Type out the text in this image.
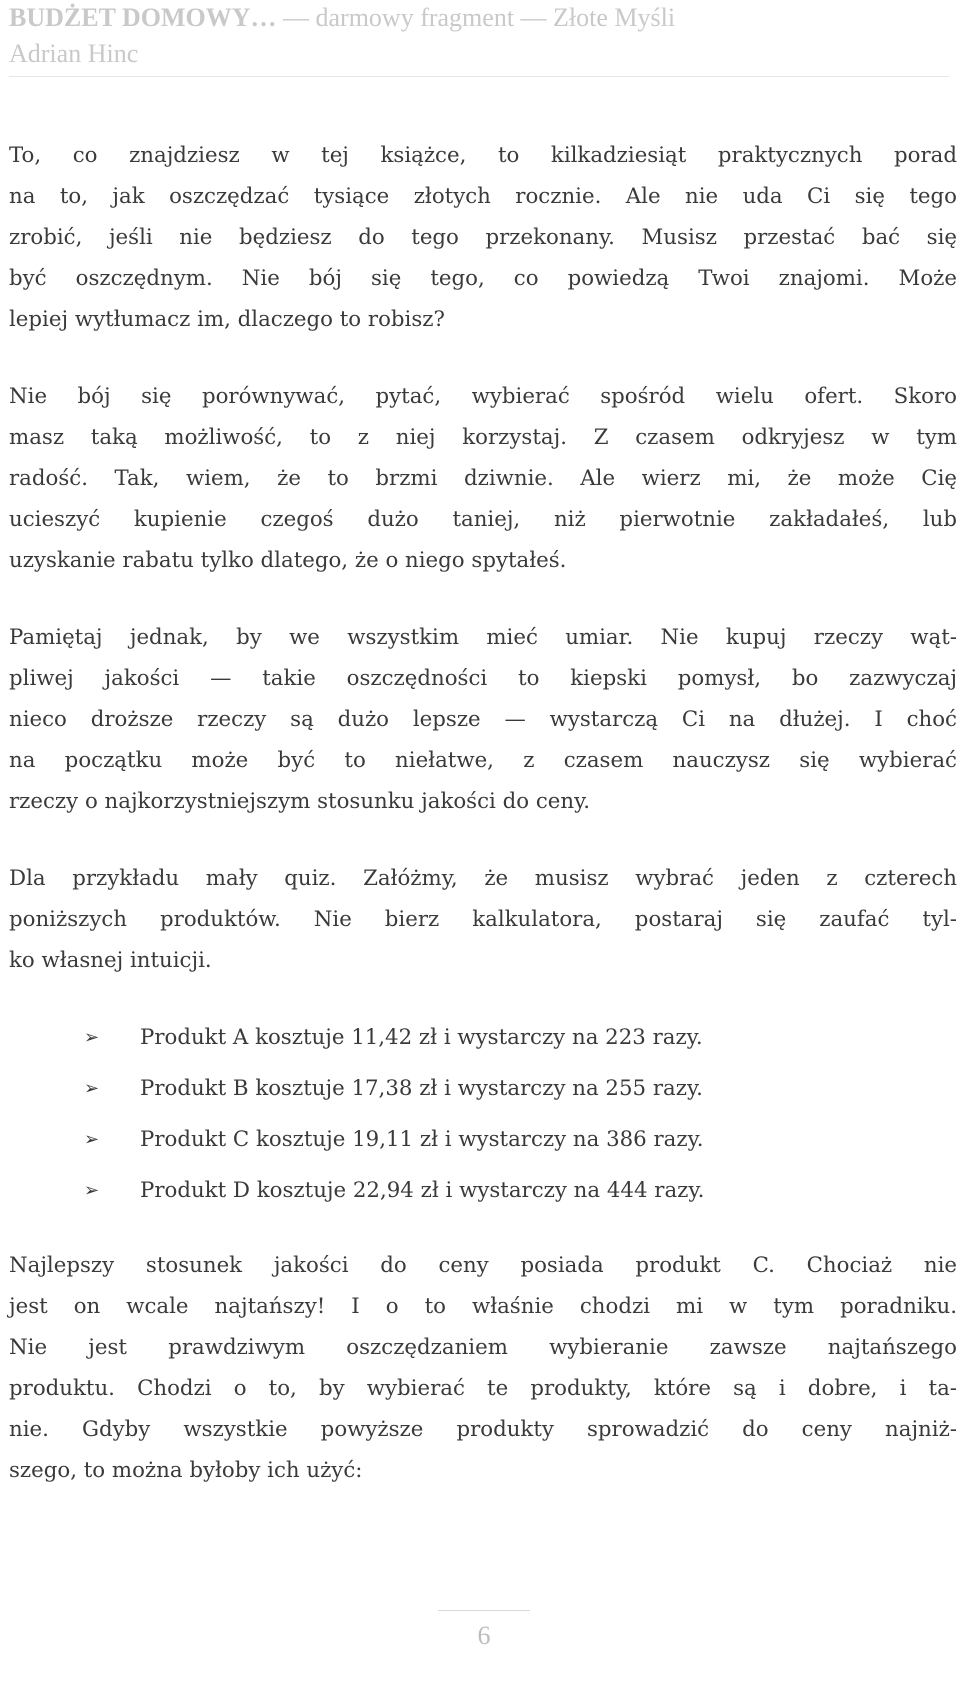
BUDŻET DOMOWY… — darmowy fragment — Złote Myśli
Adrian Hinc
To, co znajdziesz w tej książce, to kilkadziesiąt praktycznych porad
na to, jak oszczędzać tysiące złotych rocznie. Ale nie uda Ci się tego
zrobić, jeśli nie będziesz do tego przekonany. Musisz przestać bać się
być oszczędnym. Nie bój się tego, co powiedzą Twoi znajomi. Może
lepiej wytłumacz im, dlaczego to robisz?
Nie bój się porównywać, pytać, wybierać spośród wielu ofert. Skoro
masz taką możliwość, to z niej korzystaj. Z czasem odkryjesz w tym
radość. Tak, wiem, że to brzmi dziwnie. Ale wierz mi, że może Cię
ucieszyć kupienie czegoś dużo taniej, niż pierwotnie zakładałeś, lub
uzyskanie rabatu tylko dlatego, że o niego spytałeś.
Pamiętaj jednak, by we wszystkim mieć umiar. Nie kupuj rzeczy wąt-
pliwej jakości — takie oszczędności to kiepski pomysł, bo zazwyczaj
nieco droższe rzeczy są dużo lepsze — wystarczą Ci na dłużej. I choć
na początku może być to niełatwe, z czasem nauczysz się wybierać
rzeczy o najkorzystniejszym stosunku jakości do ceny.
Dla przykładu mały quiz. Załóżmy, że musisz wybrać jeden z czterech
poniższych produktów. Nie bierz kalkulatora, postaraj się zaufać tyl-
ko własnej intuicji.
➢	Produkt A kosztuje 11,42 zł i wystarczy na 223 razy.
➢	Produkt B kosztuje 17,38 zł i wystarczy na 255 razy.
➢	Produkt C kosztuje 19,11 zł i wystarczy na 386 razy.
➢	Produkt D kosztuje 22,94 zł i wystarczy na 444 razy.
Najlepszy stosunek jakości do ceny posiada produkt C. Chociaż nie
jest on wcale najtańszy! I o to właśnie chodzi mi w tym poradniku.
Nie jest prawdziwym oszczędzaniem wybieranie zawsze najtańszego
produktu. Chodzi o to, by wybierać te produkty, które są i dobre, i ta-
nie. Gdyby wszystkie powyższe produkty sprowadzić do ceny najniż-
szego, to można byłoby ich użyć:
6
